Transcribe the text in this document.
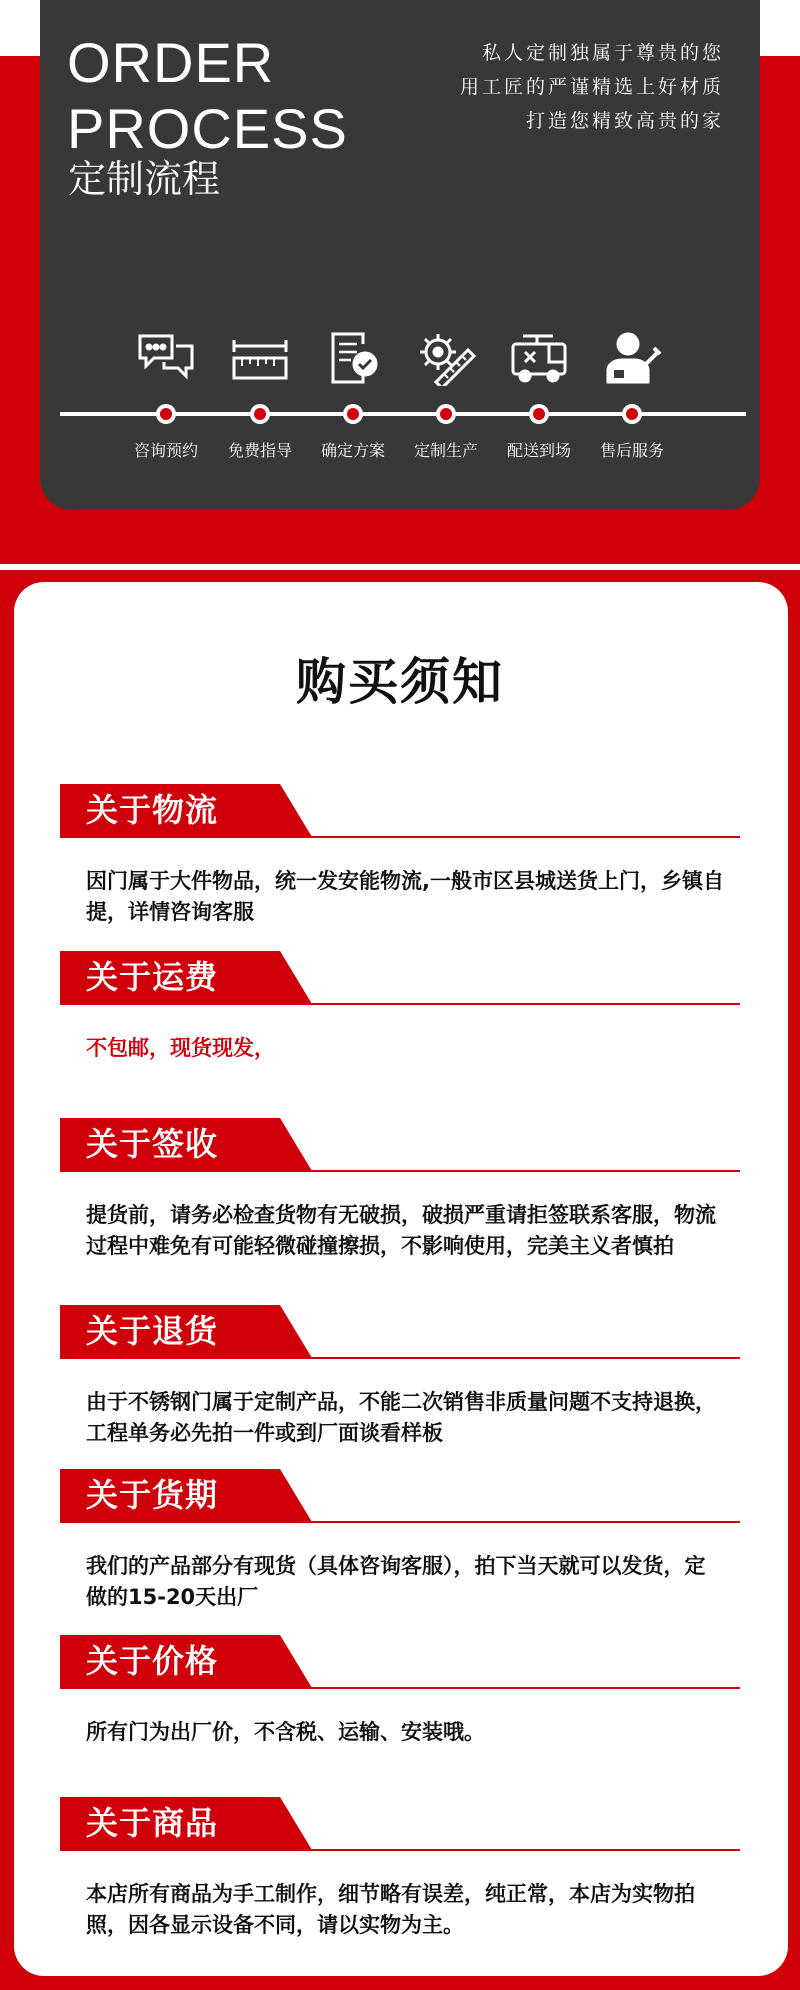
ORDER
PROCESS
定制流程
私人定制独属于尊贵的您
用工匠的严谨精选上好材质
打造您精致高贵的家
咨询预约	免费指导	确定方案	定制生产	配送到场	售后服务
购买须知
关于物流
因门属于大件物品，统一发安能物流,一般市区县城送货上门，乡镇自提，详情咨询客服
关于运费
不包邮，现货现发，
关于签收
提货前，请务必检查货物有无破损，破损严重请拒签联系客服，物流过程中难免有可能轻微碰撞擦损，不影响使用，完美主义者慎拍
关于退货
由于不锈钢门属于定制产品，不能二次销售非质量问题不支持退换，工程单务必先拍一件或到厂面谈看样板
关于货期
我们的产品部分有现货（具体咨询客服），拍下当天就可以发货，定做的15-20天出厂
关于价格
所有门为出厂价，不含税、运输、安装哦。
关于商品
本店所有商品为手工制作，细节略有误差，纯正常，本店为实物拍照，因各显示设备不同，请以实物为主。
